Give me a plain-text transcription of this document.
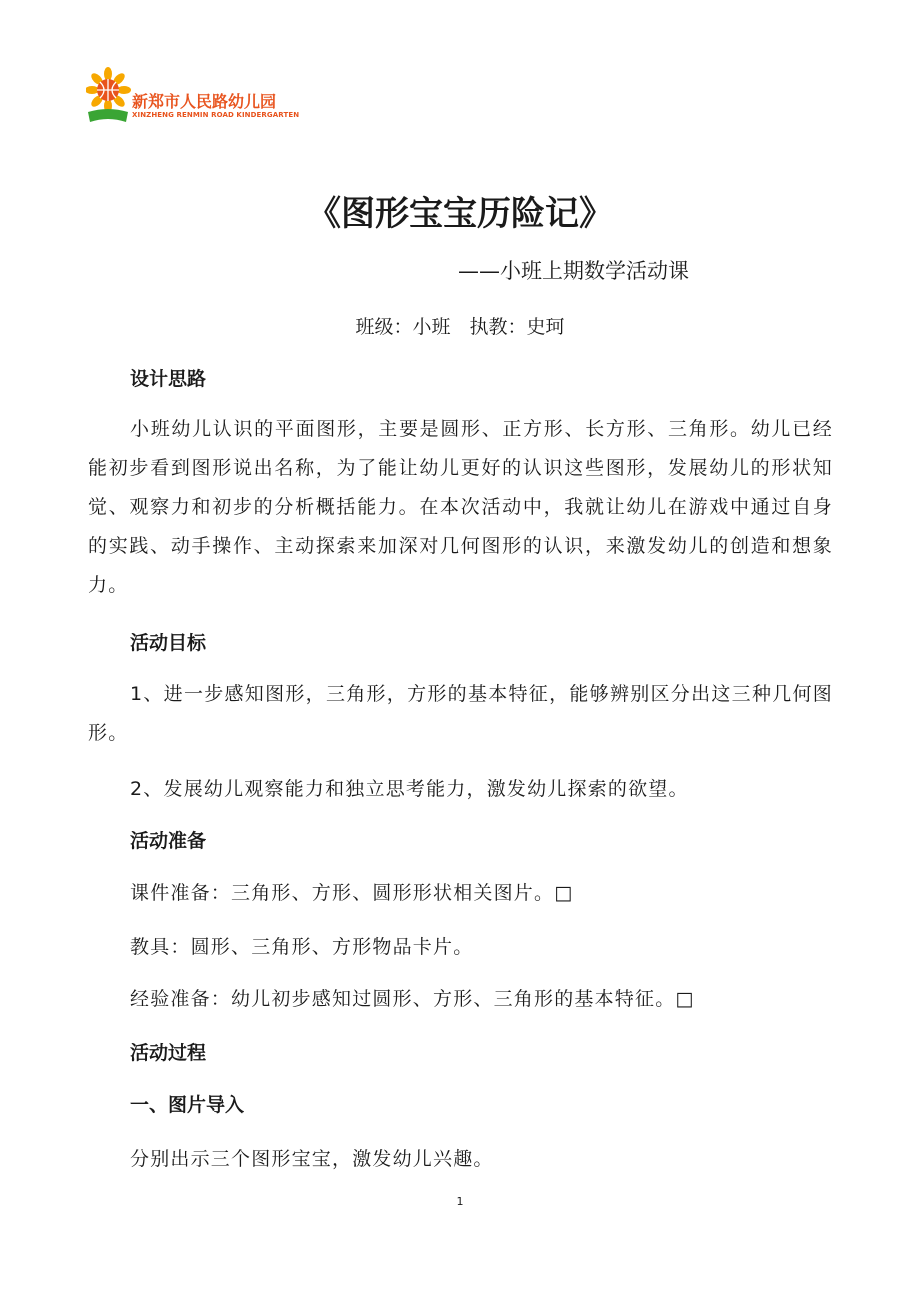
新郑市人民路幼儿园
XINZHENG RENMIN ROAD KINDERGARTEN
《图形宝宝历险记》
——小班上期数学活动课
班级：小班　执教：史珂
设计思路
小班幼儿认识的平面图形，主要是圆形、正方形、长方形、三角形。幼儿已经能初步看到图形说出名称，为了能让幼儿更好的认识这些图形，发展幼儿的形状知觉、观察力和初步的分析概括能力。在本次活动中，我就让幼儿在游戏中通过自身的实践、动手操作、主动探索来加深对几何图形的认识，来激发幼儿的创造和想象力。
活动目标
1、进一步感知图形，三角形，方形的基本特征，能够辨别区分出这三种几何图形。
2、发展幼儿观察能力和独立思考能力，激发幼儿探索的欲望。
活动准备
课件准备：三角形、方形、圆形形状相关图片。□
教具：圆形、三角形、方形物品卡片。
经验准备：幼儿初步感知过圆形、方形、三角形的基本特征。□
活动过程
一、图片导入
分别出示三个图形宝宝，激发幼儿兴趣。
1
